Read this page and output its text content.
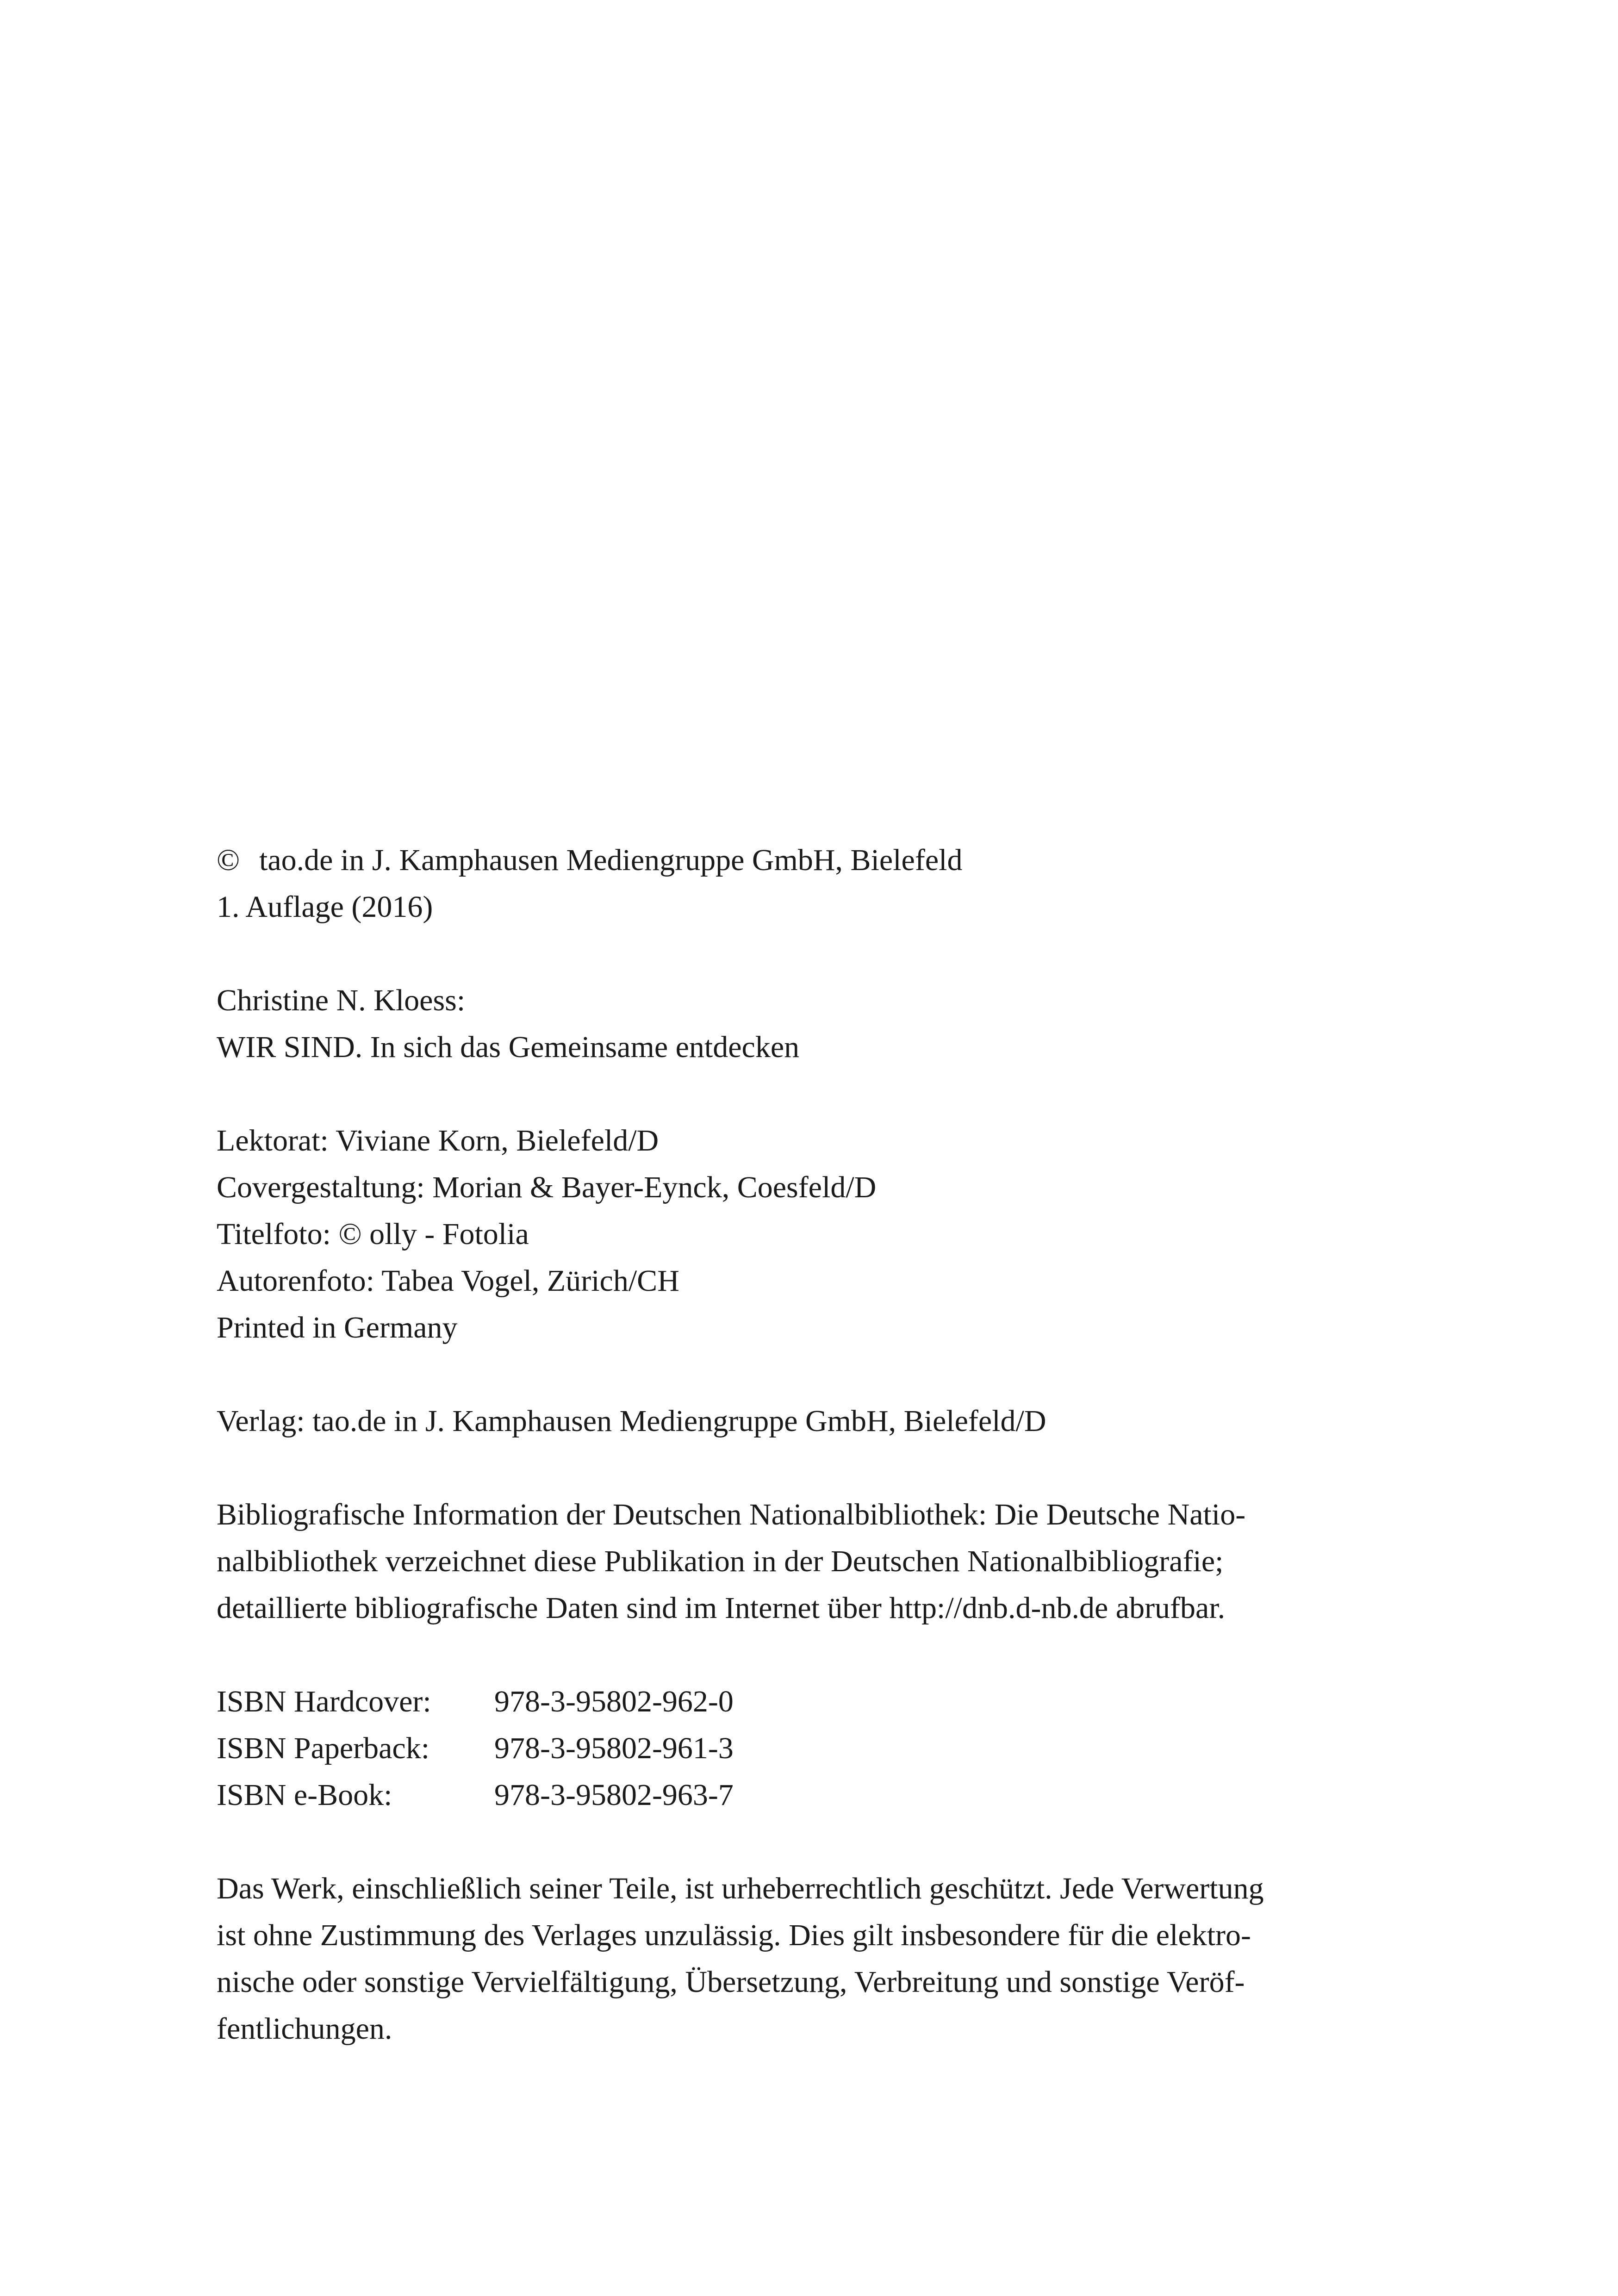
© tao.de in J. Kamphausen Mediengruppe GmbH, Bielefeld
1. Auflage (2016)
Christine N. Kloess:
WIR SIND. In sich das Gemeinsame entdecken
Lektorat: Viviane Korn, Bielefeld/D
Covergestaltung: Morian & Bayer-Eynck, Coesfeld/D
Titelfoto: © olly - Fotolia
Autorenfoto: Tabea Vogel, Zürich/CH
Printed in Germany
Verlag: tao.de in J. Kamphausen Mediengruppe GmbH, Bielefeld/D
Bibliografische Information der Deutschen Nationalbibliothek: Die Deutsche Natio-
nalbibliothek verzeichnet diese Publikation in der Deutschen Nationalbibliografie;
detaillierte bibliografische Daten sind im Internet über http://dnb.d-nb.de abrufbar.
ISBN Hardcover: 978-3-95802-962-0
ISBN Paperback: 978-3-95802-961-3
ISBN e-Book:	978-3-95802-963-7
Das Werk, einschließlich seiner Teile, ist urheberrechtlich geschützt. Jede Verwertung
ist ohne Zustimmung des Verlages unzulässig. Dies gilt insbesondere für die elektro-
nische oder sonstige Vervielfältigung, Übersetzung, Verbreitung und sonstige Veröf-
fentlichungen.
